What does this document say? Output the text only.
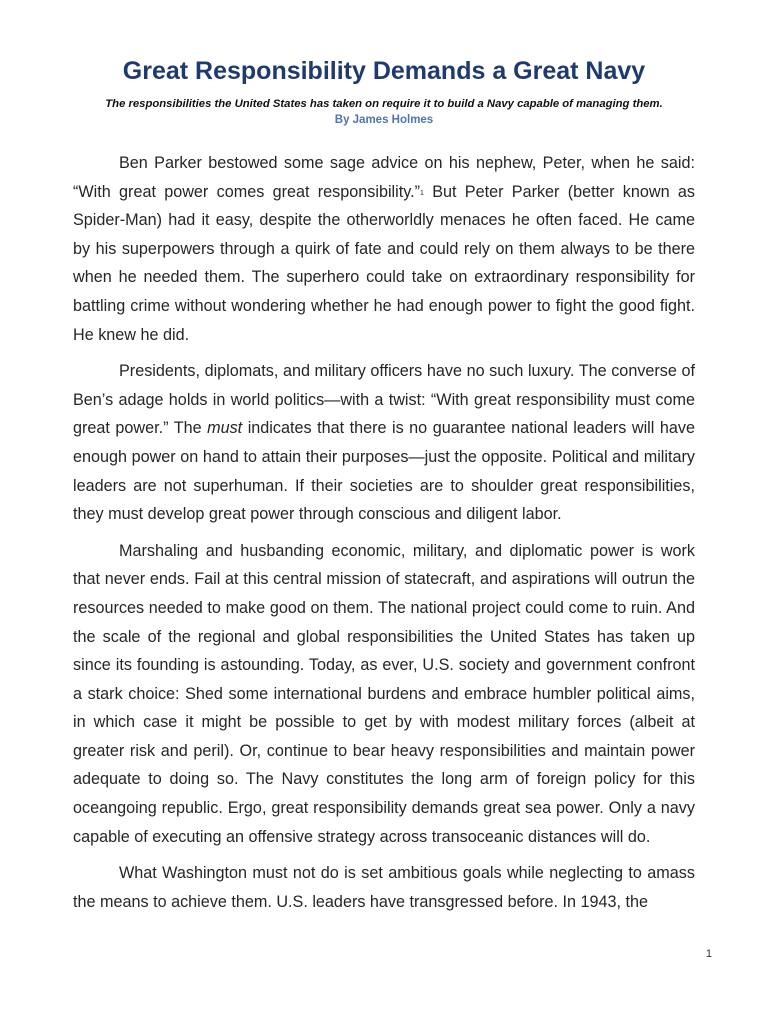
Great Responsibility Demands a Great Navy
The responsibilities the United States has taken on require it to build a Navy capable of managing them.
By James Holmes

Ben Parker bestowed some sage advice on his nephew, Peter, when he said: “With great power comes great responsibility.”$^1$ But Peter Parker (better known as Spider-Man) had it easy, despite the otherworldly menaces he often faced. He came by his superpowers through a quirk of fate and could rely on them always to be there when he needed them. The superhero could take on extraordinary responsibility for battling crime without wondering whether he had enough power to fight the good fight. He knew he did.

Presidents, diplomats, and military officers have no such luxury. The converse of Ben’s adage holds in world politics—with a twist: “With great responsibility must come great power.” The must indicates that there is no guarantee national leaders will have enough power on hand to attain their purposes—just the opposite. Political and military leaders are not superhuman. If their societies are to shoulder great responsibilities, they must develop great power through conscious and diligent labor.

Marshaling and husbanding economic, military, and diplomatic power is work that never ends. Fail at this central mission of statecraft, and aspirations will outrun the resources needed to make good on them. The national project could come to ruin. And the scale of the regional and global responsibilities the United States has taken up since its founding is astounding. Today, as ever, U.S. society and government confront a stark choice: Shed some international burdens and embrace humbler political aims, in which case it might be possible to get by with modest military forces (albeit at greater risk and peril). Or, continue to bear heavy responsibilities and maintain power adequate to doing so. The Navy constitutes the long arm of foreign policy for this oceangoing republic. Ergo, great responsibility demands great sea power. Only a navy capable of executing an offensive strategy across transoceanic distances will do.

What Washington must not do is set ambitious goals while neglecting to amass the means to achieve them. U.S. leaders have transgressed before. In 1943, the

1
